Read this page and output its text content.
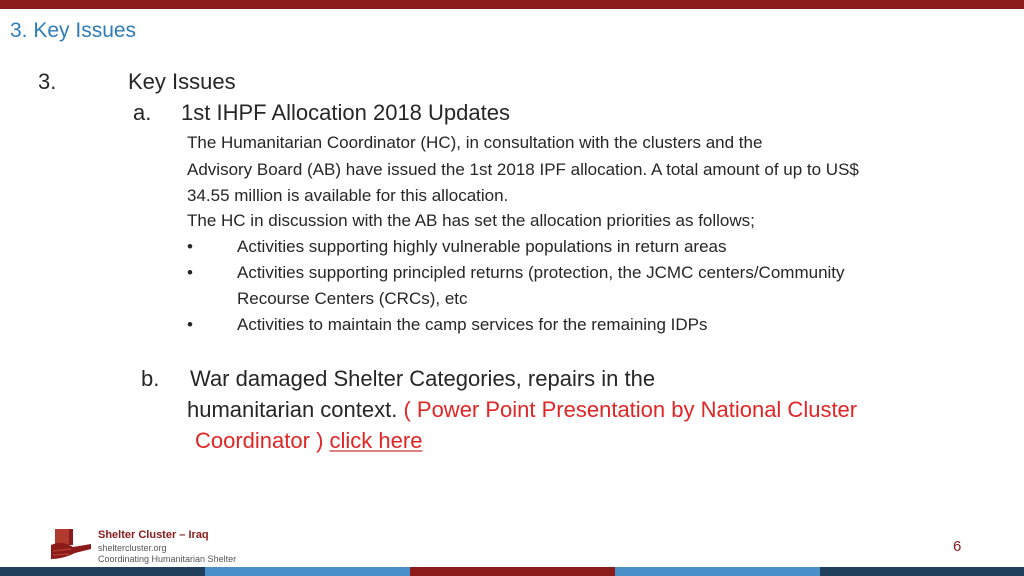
3. Key Issues
3.	Key Issues
a. 1st IHPF Allocation 2018 Updates
The Humanitarian Coordinator (HC), in consultation with the clusters and the
Advisory Board (AB) have issued the 1st 2018 IPF allocation. A total amount of up to US$
34.55 million is available for this allocation.
The HC in discussion with the AB has set the allocation priorities as follows;
•	Activities supporting highly vulnerable populations in return areas
•	Activities supporting principled returns (protection, the JCMC centers/Community
Recourse Centers (CRCs), etc
•	Activities to maintain the camp services for the remaining IDPs
b. War damaged Shelter Categories, repairs in the
humanitarian context. ( Power Point Presentation by National Cluster
Coordinator ) click here
Shelter Cluster – Iraq
sheltercluster.org
Coordinating Humanitarian Shelter
6
